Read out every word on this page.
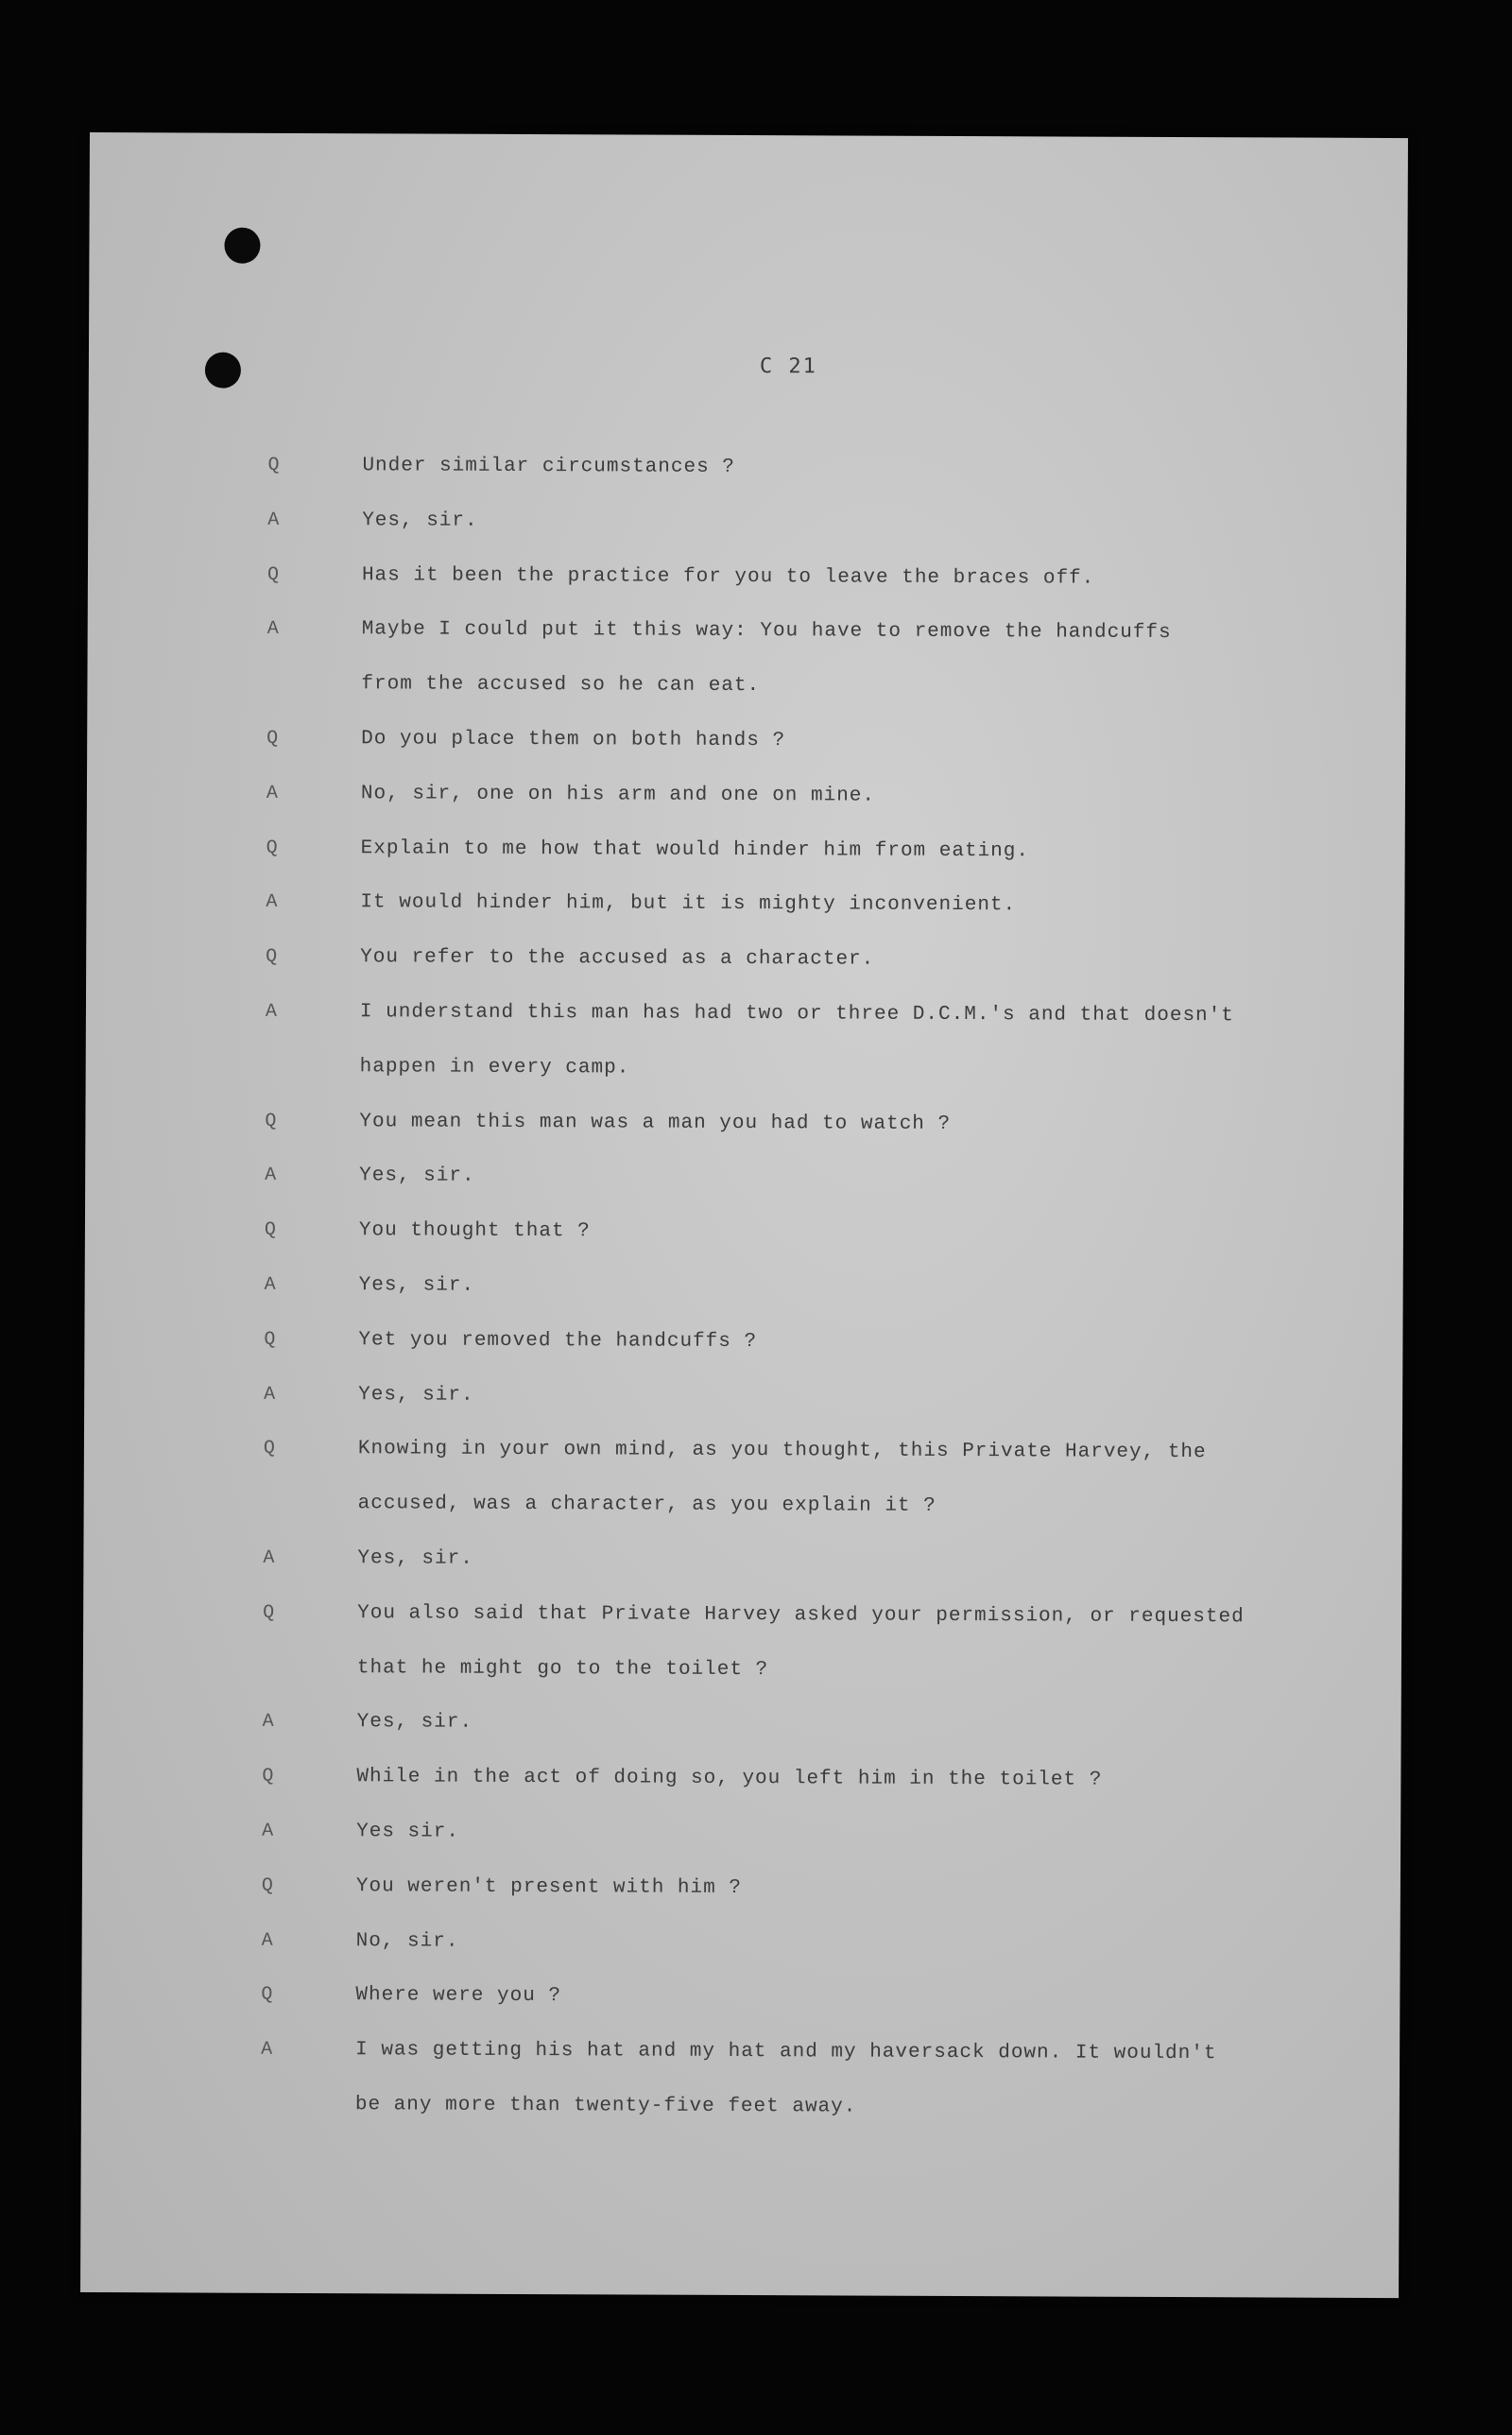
C 21
Q	Under similar circumstances ?
A	Yes, sir.
Q	Has it been the practice for you to leave the braces off.
A	Maybe I could put it this way: You have to remove the handcuffs
from the accused so he can eat.
Q	Do you place them on both hands ?
A	No, sir, one on his arm and one on mine.
Q	Explain to me how that would hinder him from eating.
A	It would hinder him, but it is mighty inconvenient.
Q	You refer to the accused as a character.
A	I understand this man has had two or three D.C.M.'s and that doesn't
happen in every camp.
Q	You mean this man was a man you had to watch ?
A	Yes, sir.
Q	You thought that ?
A	Yes, sir.
Q	Yet you removed the handcuffs ?
A	Yes, sir.
Q	Knowing in your own mind, as you thought, this Private Harvey, the
accused, was a character, as you explain it ?
A	Yes, sir.
Q	You also said that Private Harvey asked your permission, or requested
that he might go to the toilet ?
A	Yes, sir.
Q	While in the act of doing so, you left him in the toilet ?
A	Yes sir.
Q	You weren't present with him ?
A	No, sir.
Q	Where were you ?
A	I was getting his hat and my hat and my haversack down. It wouldn't
be any more than twenty-five feet away.
